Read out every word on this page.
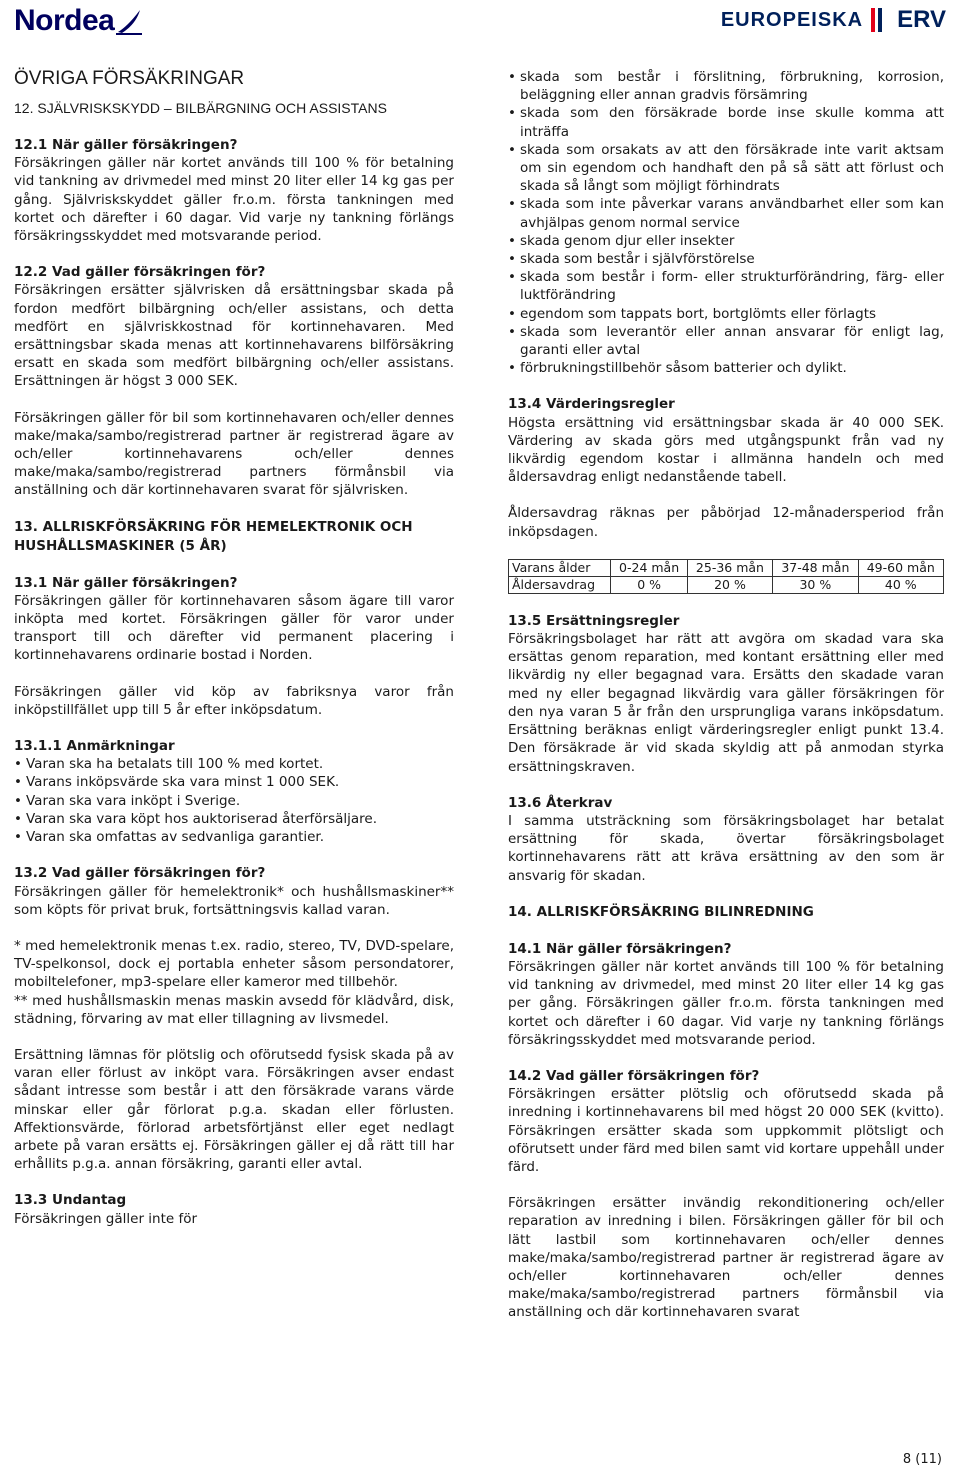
Nordea	EUROPEISKA ERV
ÖVRIGA FÖRSÄKRINGAR
12. SJÄLVRISKSKYDD – BILBÄRGNING OCH ASSISTANS
12.1 När gäller försäkringen?

Försäkringen gäller när kortet används till 100 % för betalning vid tankning av drivmedel med minst 20 liter eller 14 kg gas per gång. Självriskskyddet gäller fr.o.m. första tankningen med kortet och därefter i 60 dagar. Vid varje ny tankning förlängs försäkringsskyddet med motsvarande period.

12.2 Vad gäller försäkringen för?

Försäkringen ersätter självrisken då ersättningsbar skada på fordon medfört bilbärgning och/eller assistans, och detta medfört en självriskkostnad för kortinnehavaren. Med ersättningsbar skada menas att kortinnehavarens bilförsäkring ersatt en skada som medfört bilbärgning och/eller assistans. Ersättningen är högst 3 000 SEK.

Försäkringen gäller för bil som kortinnehavaren och/eller dennes make/maka/sambo/registrerad partner är registrerad ägare av och/eller kortinnehavarens och/eller dennes make/maka/sambo/registrerad partners förmånsbil via anställning och där kortinnehavaren svarat för självrisken.

13. ALLRISKFÖRSÄKRING FÖR HEMELEKTRONIK OCH HUSHÅLLSMASKINER (5 ÅR)
13.1 När gäller försäkringen?

Försäkringen gäller för kortinnehavaren såsom ägare till varor inköpta med kortet. Försäkringen gäller för varor under transport till och därefter vid permanent placering i kortinnehavarens ordinarie bostad i Norden.

Försäkringen gäller vid köp av fabriksnya varor från inköpstillfället upp till 5 år efter inköpsdatum.

13.1.1 Anmärkningar
• Varan ska ha betalats till 100 % med kortet.
• Varans inköpsvärde ska vara minst 1 000 SEK.
• Varan ska vara inköpt i Sverige.
• Varan ska vara köpt hos auktoriserad återförsäljare.
• Varan ska omfattas av sedvanliga garantier.
13.2 Vad gäller försäkringen för?

Försäkringen gäller för hemelektronik* och hushållsmaskiner** som köpts för privat bruk, fortsättningsvis kallad varan.

* med hemelektronik menas t.ex. radio, stereo, TV, DVD-spelare, TV-spelkonsol, dock ej portabla enheter såsom persondatorer, mobiltelefoner, mp3-spelare eller kameror med tillbehör.

** med hushållsmaskin menas maskin avsedd för klädvård, disk, städning, förvaring av mat eller tillagning av livsmedel.

Ersättning lämnas för plötslig och oförutsedd fysisk skada på av varan eller förlust av inköpt vara. Försäkringen avser endast sådant intresse som består i att den försäkrade varans värde minskar eller går förlorat p.g.a. skadan eller förlusten. Affektionsvärde, förlorad arbetsförtjänst eller eget nedlagt arbete på varan ersätts ej. Försäkringen gäller ej då rätt till har erhållits p.g.a. annan försäkring, garanti eller avtal.

13.3 Undantag

Försäkringen gäller inte för

• skada som består i förslitning, förbrukning, korrosion, beläggning eller annan gradvis försämring
• skada som den försäkrade borde inse skulle komma att inträffa
• skada som orsakats av att den försäkrade inte varit aktsam om sin egendom och handhaft den på så sätt att förlust och skada så långt som möjligt förhindrats
• skada som inte påverkar varans användbarhet eller som kan avhjälpas genom normal service
• skada genom djur eller insekter
• skada som består i självförstörelse
• skada som består i form- eller strukturförändring, färg- eller luktförändring
• egendom som tappats bort, bortglömts eller förlagts
• skada som leverantör eller annan ansvarar för enligt lag, garanti eller avtal
• förbrukningstillbehör såsom batterier och dylikt.
13.4 Värderingsregler

Högsta ersättning vid ersättningsbar skada är 40 000 SEK. Värdering av skada görs med utgångspunkt från vad ny likvärdig egendom kostar i allmänna handeln och med åldersavdrag enligt nedanstående tabell.

Åldersavdrag räknas per påbörjad 12-månadersperiod från inköpsdagen.

Varans ålder	0-24 mån	25-36 mån	37-48 mån	49-60 mån
Åldersavdrag	0 %	20 %	30 %	40 %
13.5 Ersättningsregler

Försäkringsbolaget har rätt att avgöra om skadad vara ska ersättas genom reparation, med kontant ersättning eller med likvärdig ny eller begagnad vara. Ersätts den skadade varan med ny eller begagnad likvärdig vara gäller försäkringen för den nya varan 5 år från den ursprungliga varans inköpsdatum. Ersättning beräknas enligt värderingsregler enligt punkt 13.4. Den försäkrade är vid skada skyldig att på anmodan styrka ersättningskraven.

13.6 Återkrav

I samma utsträckning som försäkringsbolaget har betalat ersättning för skada, övertar försäkringsbolaget kortinnehavarens rätt att kräva ersättning av den som är ansvarig för skadan.

14. ALLRISKFÖRSÄKRING BILINREDNING
14.1 När gäller försäkringen?

Försäkringen gäller när kortet används till 100 % för betalning vid tankning av drivmedel, med minst 20 liter eller 14 kg gas per gång. Försäkringen gäller fr.o.m. första tankningen med kortet och därefter i 60 dagar. Vid varje ny tankning förlängs försäkringsskyddet med motsvarande period.

14.2 Vad gäller försäkringen för?

Försäkringen ersätter plötslig och oförutsedd skada på inredning i kortinnehavarens bil med högst 20 000 SEK (kvitto). Försäkringen ersätter skada som uppkommit plötsligt och oförutsett under färd med bilen samt vid kortare uppehåll under färd.

Försäkringen ersätter invändig rekonditionering och/eller reparation av inredning i bilen. Försäkringen gäller för bil och lätt lastbil som kortinnehavaren och/eller dennes make/maka/sambo/registrerad partner är registrerad ägare av och/eller kortinnehavaren och/eller dennes make/maka/sambo/registrerad partners förmånsbil via anställning och där kortinnehavaren svarat

8 (11)
